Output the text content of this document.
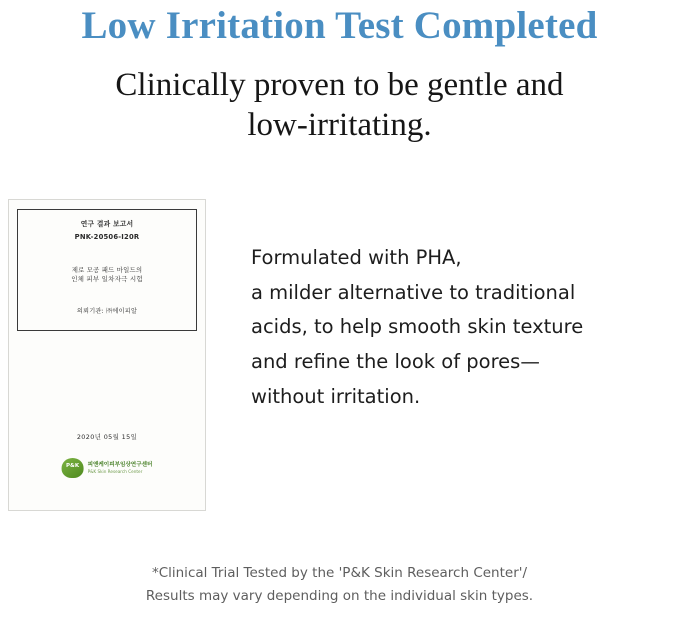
Low Irritation Test Completed
Clinically proven to be gentle and
low-irritating.
연구 결과 보고서
PNK-20506-I20R
제로 모공 패드 마일드의
인체 피부 일차자극 시험
의뢰기관: ㈜에이피알
2020년 05월 15일
P&K
피앤케이피부임상연구센터
P&K Skin Research Center
Formulated with PHA,
a milder alternative to traditional
acids, to help smooth skin texture
and refine the look of pores—
without irritation.
*Clinical Trial Tested by the 'P&K Skin Research Center'/
Results may vary depending on the individual skin types.
